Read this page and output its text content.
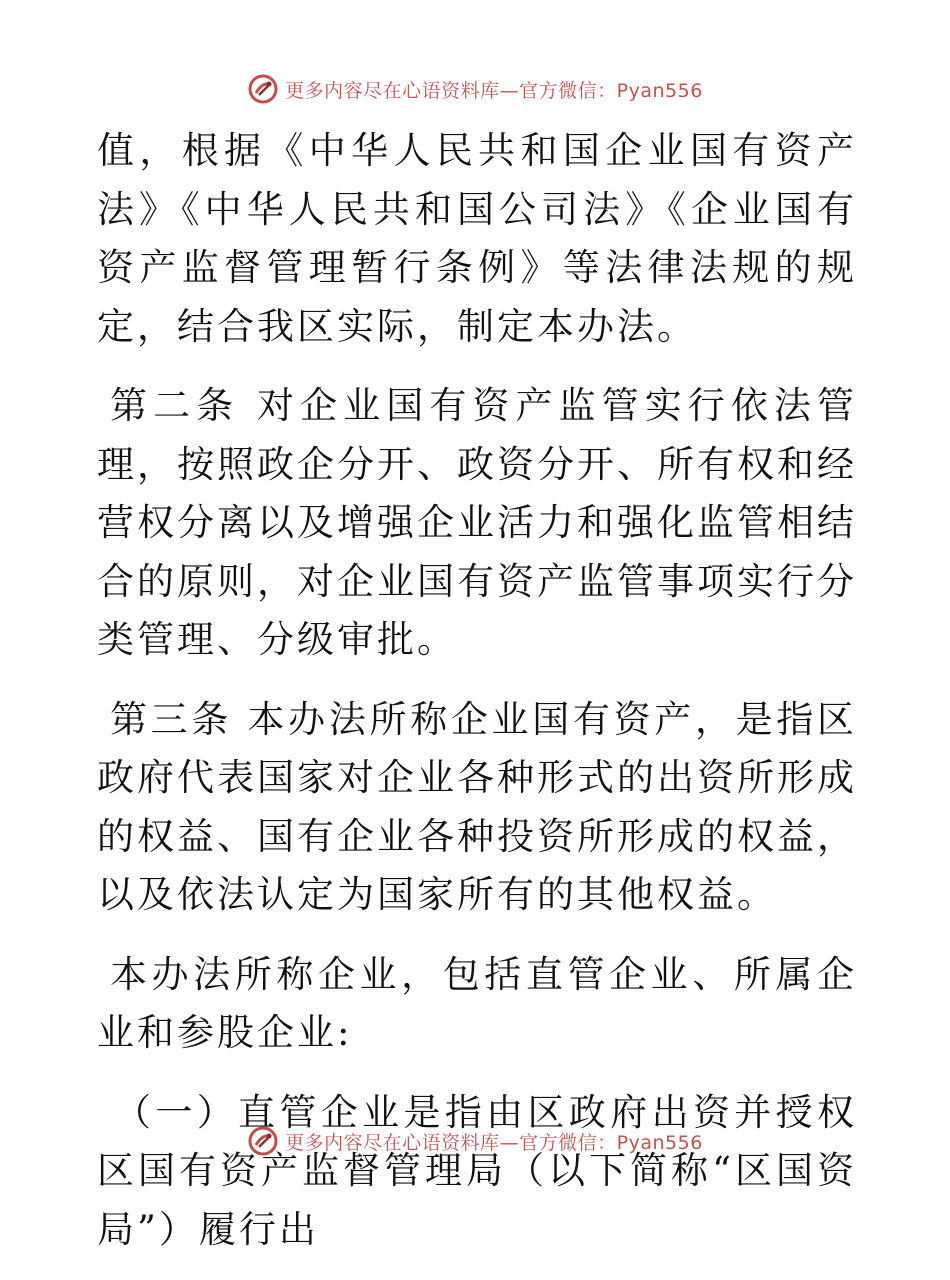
更多内容尽在心语资料库—官方微信：Pyan556

值，根据《中华人民共和国企业国有资产法》《中华人民共和国公司法》《企业国有资产监督管理暂行条例》等法律法规的规定，结合我区实际，制定本办法。

第二条 对企业国有资产监管实行依法管理，按照政企分开、政资分开、所有权和经营权分离以及增强企业活力和强化监管相结合的原则，对企业国有资产监管事项实行分类管理、分级审批。

第三条 本办法所称企业国有资产，是指区政府代表国家对企业各种形式的出资所形成的权益、国有企业各种投资所形成的权益，以及依法认定为国家所有的其他权益。

本办法所称企业，包括直管企业、所属企业和参股企业:

（一）直管企业是指由区政府出资并授权区国有资产监督管理局（以下简称“区国资局”）履行出

更多内容尽在心语资料库—官方微信：Pyan556
